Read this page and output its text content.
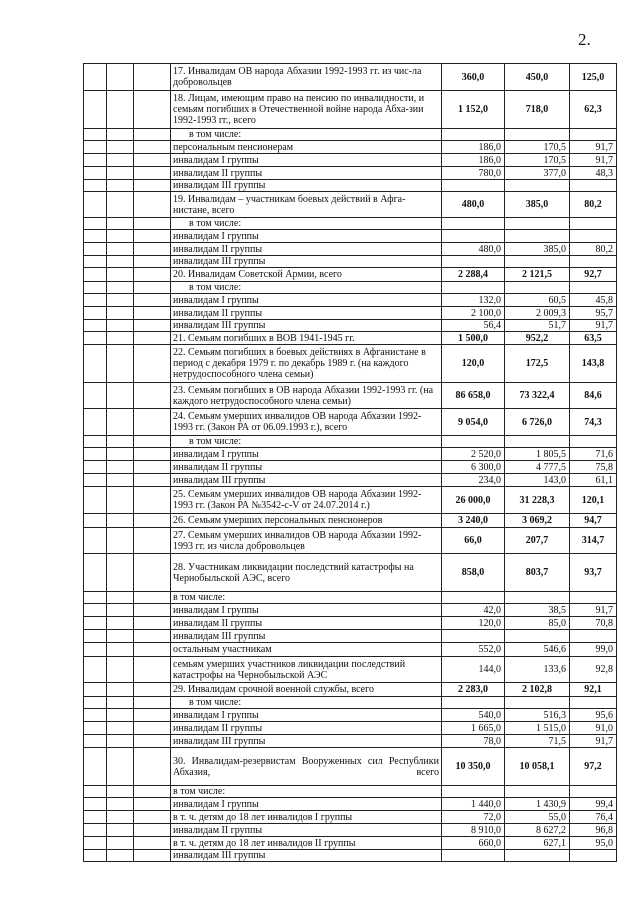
2.
			17. Инвалидам ОВ народа Абхазии 1992-1993 гг. из чис-ла добровольцев	360,0	450,0	125,0
			18. Лицам, имеющим право на пенсию по инвалидности, и семьям погибших в Отечественной войне народа Абха-зии 1992-1993 гг., всего	1 152,0	718,0	62,3
			в том числе:			
			персональным пенсионерам	186,0	170,5	91,7
			инвалидам I группы	186,0	170,5	91,7
			инвалидам II группы	780,0	377,0	48,3
			инвалидам III группы			
			19. Инвалидам – участникам боевых действий в Афга-нистане, всего	480,0	385,0	80,2
			в том числе:			
			инвалидам I группы			
			инвалидам II группы	480,0	385,0	80,2
			инвалидам III группы			
			20. Инвалидам Советской Армии, всего	2 288,4	2 121,5	92,7
			в том числе:			
			инвалидам I группы	132,0	60,5	45,8
			инвалидам II группы	2 100,0	2 009,3	95,7
			инвалидам III группы	56,4	51,7	91,7
			21. Семьям погибших в ВОВ 1941-1945 гг.	1 500,0	952,2	63,5
			22. Семьям погибших в боевых действиях в Афганистане в период с декабря 1979 г. по декабрь 1989 г. (на каждого нетрудоспособного члена семьи)	120,0	172,5	143,8
			23. Семьям погибших в ОВ народа Абхазии 1992-1993 гг. (на каждого нетрудоспособного члена семьи)	86 658,0	73 322,4	84,6
			24. Семьям умерших инвалидов ОВ народа Абхазии 1992-1993 гг. (Закон РА от 06.09.1993 г.), всего	9 054,0	6 726,0	74,3
			в том числе:			
			инвалидам I группы	2 520,0	1 805,5	71,6
			инвалидам II группы	6 300,0	4 777,5	75,8
			инвалидам III группы	234,0	143,0	61,1
			25. Семьям умерших инвалидов ОВ народа Абхазии 1992-1993 гг. (Закон РА №3542-с-V от 24.07.2014 г.)	26 000,0	31 228,3	120,1
			26. Семьям умерших персональных пенсионеров	3 240,0	3 069,2	94,7
			27. Семьям умерших инвалидов ОВ народа Абхазии 1992-1993 гг. из числа добровольцев	66,0	207,7	314,7
			28. Участникам ликвидации последствий катастрофы на Чернобыльской АЭС, всего	858,0	803,7	93,7
			в том числе:			
			инвалидам I группы	42,0	38,5	91,7
			инвалидам II группы	120,0	85,0	70,8
			инвалидам III группы			
			остальным участникам	552,0	546,6	99,0
			семьям умерших участников ликвидации последствий катастрофы на Чернобыльской АЭС	144,0	133,6	92,8
			29. Инвалидам срочной военной службы, всего	2 283,0	2 102,8	92,1
			в том числе:			
			инвалидам I группы	540,0	516,3	95,6
			инвалидам II группы	1 665,0	1 515,0	91,0
			инвалидам III группы	78,0	71,5	91,7
			30. Инвалидам-резервистам Вооруженных сил Республики Абхазия, всего	10 350,0	10 058,1	97,2
			в том числе:			
			инвалидам I группы	1 440,0	1 430,9	99,4
			в т. ч. детям до 18 лет инвалидов I группы	72,0	55,0	76,4
			инвалидам II группы	8 910,0	8 627,2	96,8
			в т. ч. детям до 18 лет инвалидов II группы	660,0	627,1	95,0
			инвалидам III группы			
